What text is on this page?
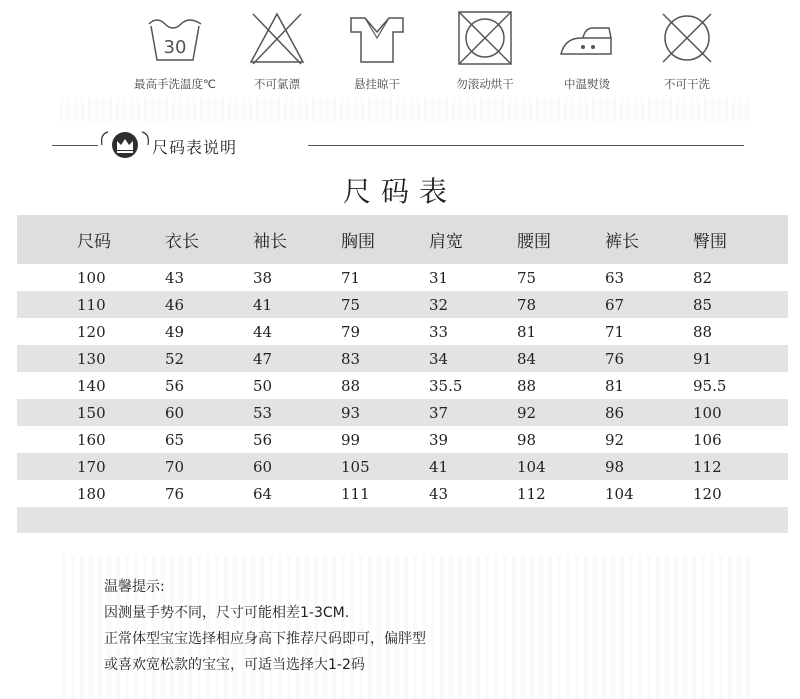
30
最高手洗温度℃	不可氯漂	悬挂晾干	勿滚动烘干	中温熨烫	不可干洗
尺码表说明
尺码表
尺码	衣长	袖长	胸围	肩宽	腰围	裤长	臀围
100	43	38	71	31	75	63	82
110	46	41	75	32	78	67	85
120	49	44	79	33	81	71	88
130	52	47	83	34	84	76	91
140	56	50	88	35.5	88	81	95.5
150	60	53	93	37	92	86	100
160	65	56	99	39	98	92	106
170	70	60	105	41	104	98	112
180	76	64	111	43	112	104	120

温馨提示:

因测量手势不同，尺寸可能相差1-3CM.

正常体型宝宝选择相应身高下推荐尺码即可，偏胖型

或喜欢宽松款的宝宝，可适当选择大1-2码
